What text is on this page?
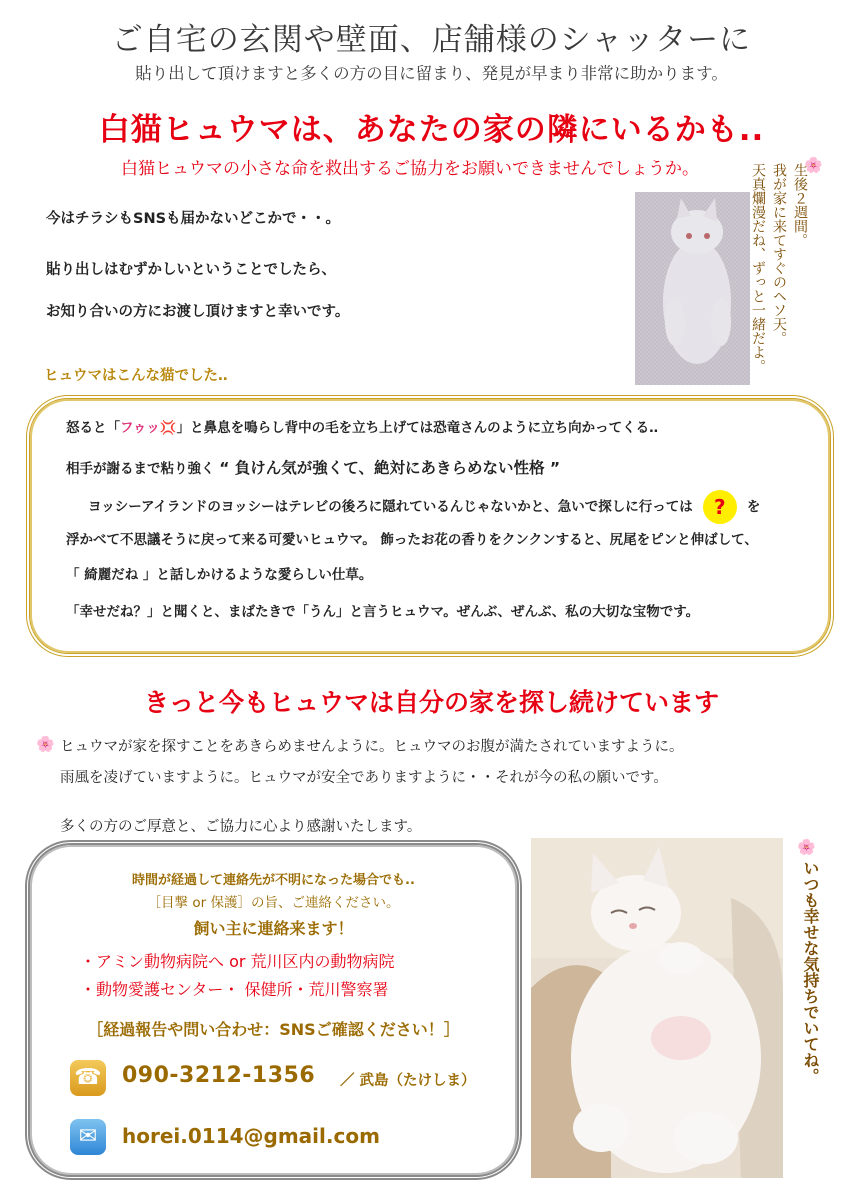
ご自宅の玄関や壁面、店舗様のシャッターに
貼り出して頂けますと多くの方の目に留まり、発見が早まり非常に助かります。
白猫ヒュウマは、あなたの家の隣にいるかも..
白猫ヒュウマの小さな命を救出するご協力をお願いできませんでしょうか。
今はチラシもSNSも届かないどこかで・・。
貼り出しはむずかしいということでしたら、
お知り合いの方にお渡し頂けますと幸いです。
🌸
生後２週間。 我が家に来てすぐのヘソ天。 天真爛漫だね、ずっと一緒だよ。
ヒュウマはこんな猫でした‥
怒ると「フゥッ💢」と鼻息を鳴らし背中の毛を立ち上げては恐竜さんのように立ち向かってくる‥
相手が謝るまで粘り強く “ 負けん気が強くて、絶対にあきらめない性格 ”
ヨッシーアイランドのヨッシーはテレビの後ろに隠れているんじゃないかと、急いで探しに行っては ? を
浮かべて不思議そうに戻って来る可愛いヒュウマ。 飾ったお花の香りをクンクンすると、尻尾をピンと伸ばして、
「 綺麗だね 」と話しかけるような愛らしい仕草。
「幸せだね？」と聞くと、まばたきで「うん」と言うヒュウマ。ぜんぶ、ぜんぶ、私の大切な宝物です。
きっと今もヒュウマは自分の家を探し続けています
🌸 ヒュウマが家を探すことをあきらめませんように。ヒュウマのお腹が満たされていますように。
雨風を凌げていますように。ヒュウマが安全でありますように・・それが今の私の願いです。
多くの方のご厚意と、ご協力に心より感謝いたします。
時間が経過して連絡先が不明になった場合でも..
［目撃 or 保護］の旨、ご連絡ください。
飼い主に連絡来ます！
・アミン動物病院へ or 荒川区内の動物病院
・動物愛護センター・ 保健所・荒川警察署
［経過報告や問い合わせ：SNSご確認ください！］
☎ 090-3212-1356 ／ 武島（たけしま）
✉	horei.0114@gmail.com
🌸
いつも幸せな気持ちでいてね。
